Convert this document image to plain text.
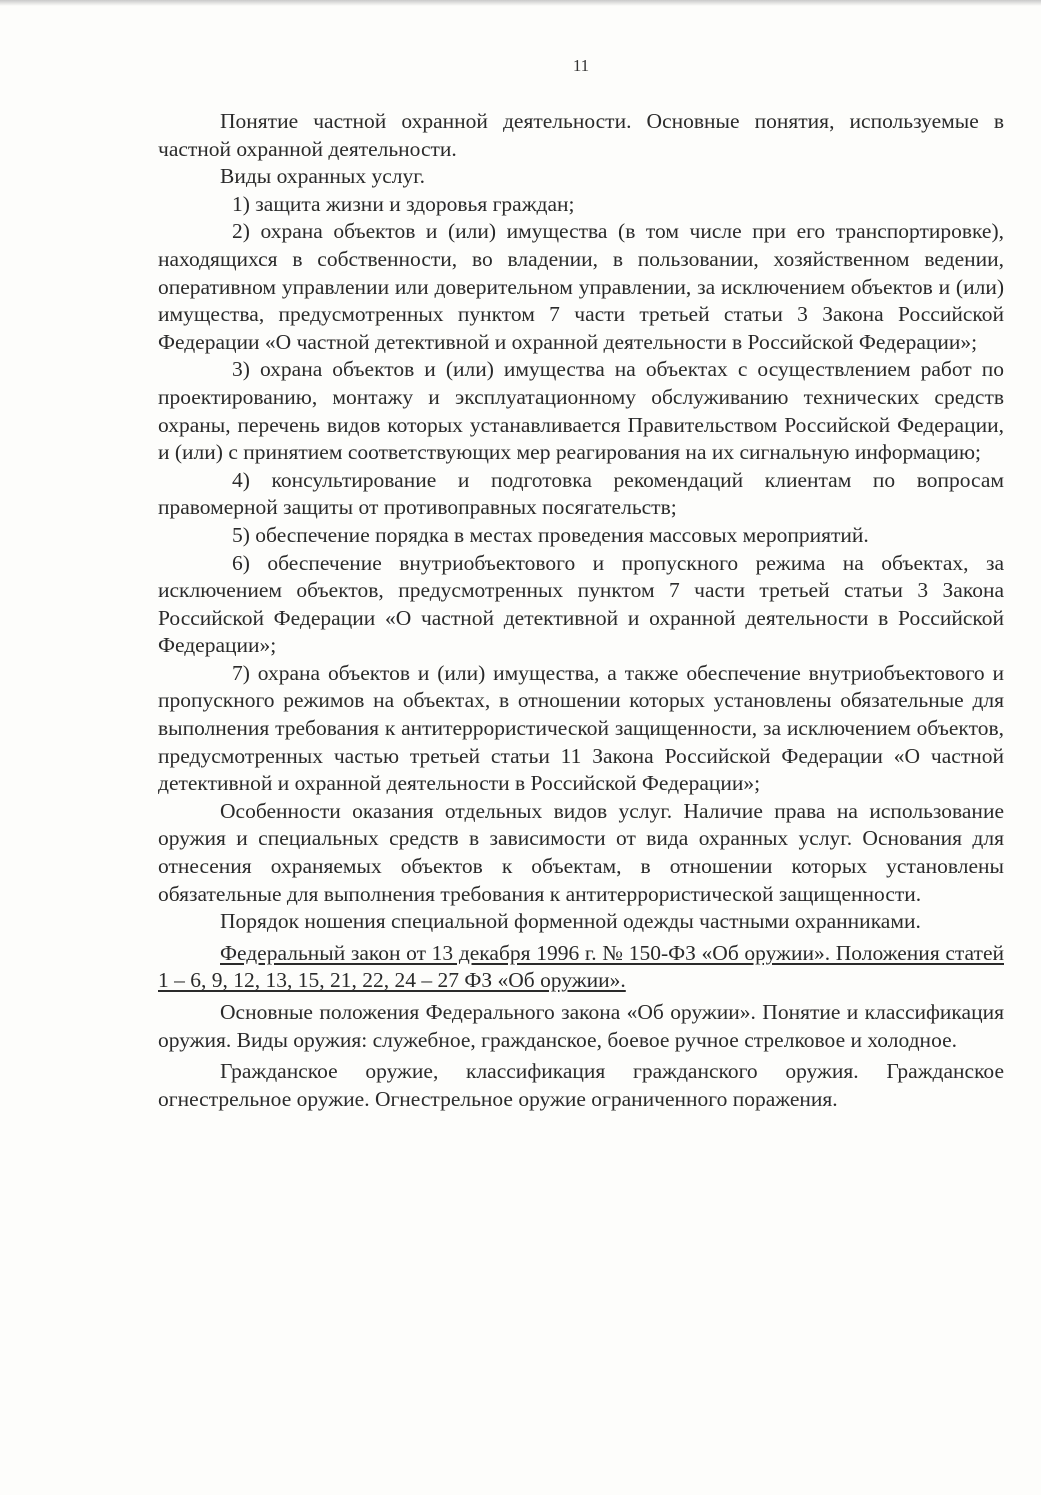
11

Понятие частной охранной деятельности. Основные понятия, используемые в частной охранной деятельности.

Виды охранных услуг.

1) защита жизни и здоровья граждан;

2) охрана объектов и (или) имущества (в том числе при его транспортировке), находящихся в собственности, во владении, в пользовании, хозяйственном ведении, оперативном управлении или доверительном управлении, за исключением объектов и (или) имущества, предусмотренных пунктом 7 части третьей статьи 3 Закона Российской Федерации «О частной детективной и охранной деятельности в Российской Федерации»;

3) охрана объектов и (или) имущества на объектах с осуществлением работ по проектированию, монтажу и эксплуатационному обслуживанию технических средств охраны, перечень видов которых устанавливается Правительством Российской Федерации, и (или) с принятием соответствующих мер реагирования на их сигнальную информацию;

4) консультирование и подготовка рекомендаций клиентам по вопросам правомерной защиты от противоправных посягательств;

5) обеспечение порядка в местах проведения массовых мероприятий.

6) обеспечение внутриобъектового и пропускного режима на объектах, за исключением объектов, предусмотренных пунктом 7 части третьей статьи 3 Закона Российской Федерации «О частной детективной и охранной деятельности в Российской Федерации»;

7) охрана объектов и (или) имущества, а также обеспечение внутриобъектового и пропускного режимов на объектах, в отношении которых установлены обязательные для выполнения требования к антитеррористической защищенности, за исключением объектов, предусмотренных частью третьей статьи 11 Закона Российской Федерации «О частной детективной и охранной деятельности в Российской Федерации»;

Особенности оказания отдельных видов услуг. Наличие права на использование оружия и специальных средств в зависимости от вида охранных услуг. Основания для отнесения охраняемых объектов к объектам, в отношении которых установлены обязательные для выполнения требования к антитеррористической защищенности.

Порядок ношения специальной форменной одежды частными охранниками.

Федеральный закон от 13 декабря 1996 г. № 150-ФЗ «Об оружии». Положения статей 1 – 6, 9, 12, 13, 15, 21, 22, 24 – 27 ФЗ «Об оружии».

Основные положения Федерального закона «Об оружии». Понятие и классификация оружия. Виды оружия: служебное, гражданское, боевое ручное стрелковое и холодное.

Гражданское оружие, классификация гражданского оружия. Гражданское огнестрельное оружие. Огнестрельное оружие ограниченного поражения.
